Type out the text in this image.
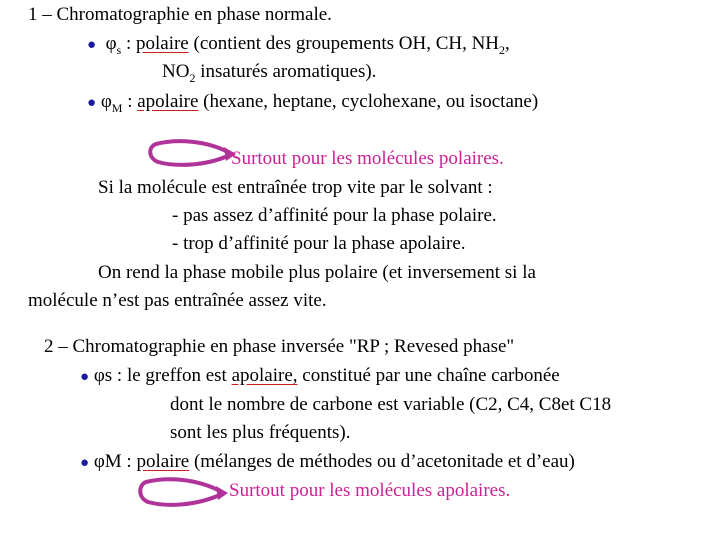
1 – Chromatographie en phase normale.
● $\varphi_s$ : polaire (contient des groupements OH, CH, $NH_2$,
$NO_2$ insaturés aromatiques).
● $\varphi_M$ : apolaire (hexane, heptane, cyclohexane, ou isoctane)
Surtout pour les molécules polaires.
Si la molécule est entraînée trop vite par le solvant :
- pas assez d’affinité pour la phase polaire.
- trop d’affinité pour la phase apolaire.
On rend la phase mobile plus polaire (et inversement si la
molécule n’est pas entraînée assez vite.
2 – Chromatographie en phase inversée "RP ; Revesed phase"
● φs : le greffon est apolaire, constitué par une chaîne carbonée
dont le nombre de carbone est variable (C2, C4, C8et C18
sont les plus fréquents).
● φM : polaire (mélanges de méthodes ou d’acetonitade et d’eau)
Surtout pour les molécules apolaires.
